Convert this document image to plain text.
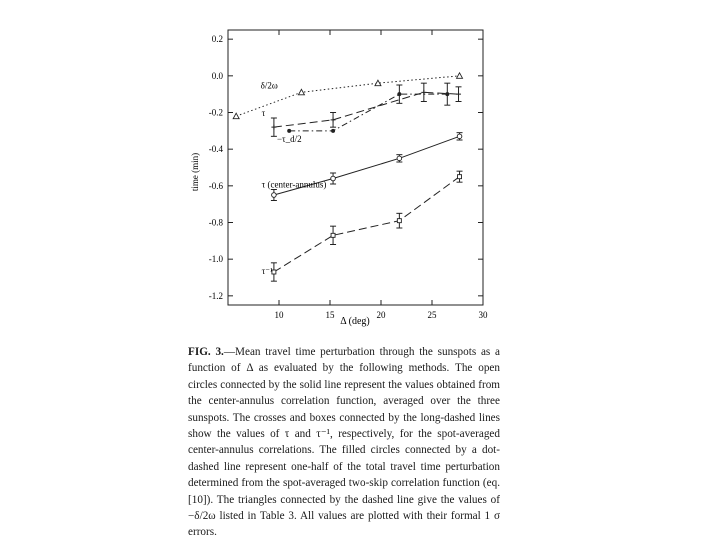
10	15	20	25	30
0.2
0.0
-0.2
-0.4
-0.6
-0.8
-1.0
-1.2
δ/2ω
−τ_d/2
τ
τ (center-annulus)
τ⁻¹
Δ (deg)
time (min)
FIG. 3.—Mean travel time perturbation through the sunspots as a function of Δ as evaluated by the following methods. The open circles connected by the solid line represent the values obtained from the center-annulus correlation function, averaged over the three sunspots. The crosses and boxes connected by the long-dashed lines show the values of τ and τ⁻¹, respectively, for the spot-averaged center-annulus correlations. The filled circles connected by a dot-dashed line represent one-half of the total travel time perturbation determined from the spot-averaged two-skip correlation function (eq. [10]). The triangles connected by the dashed line give the values of −δ/2ω listed in Table 3. All values are plotted with their formal 1 σ errors.
